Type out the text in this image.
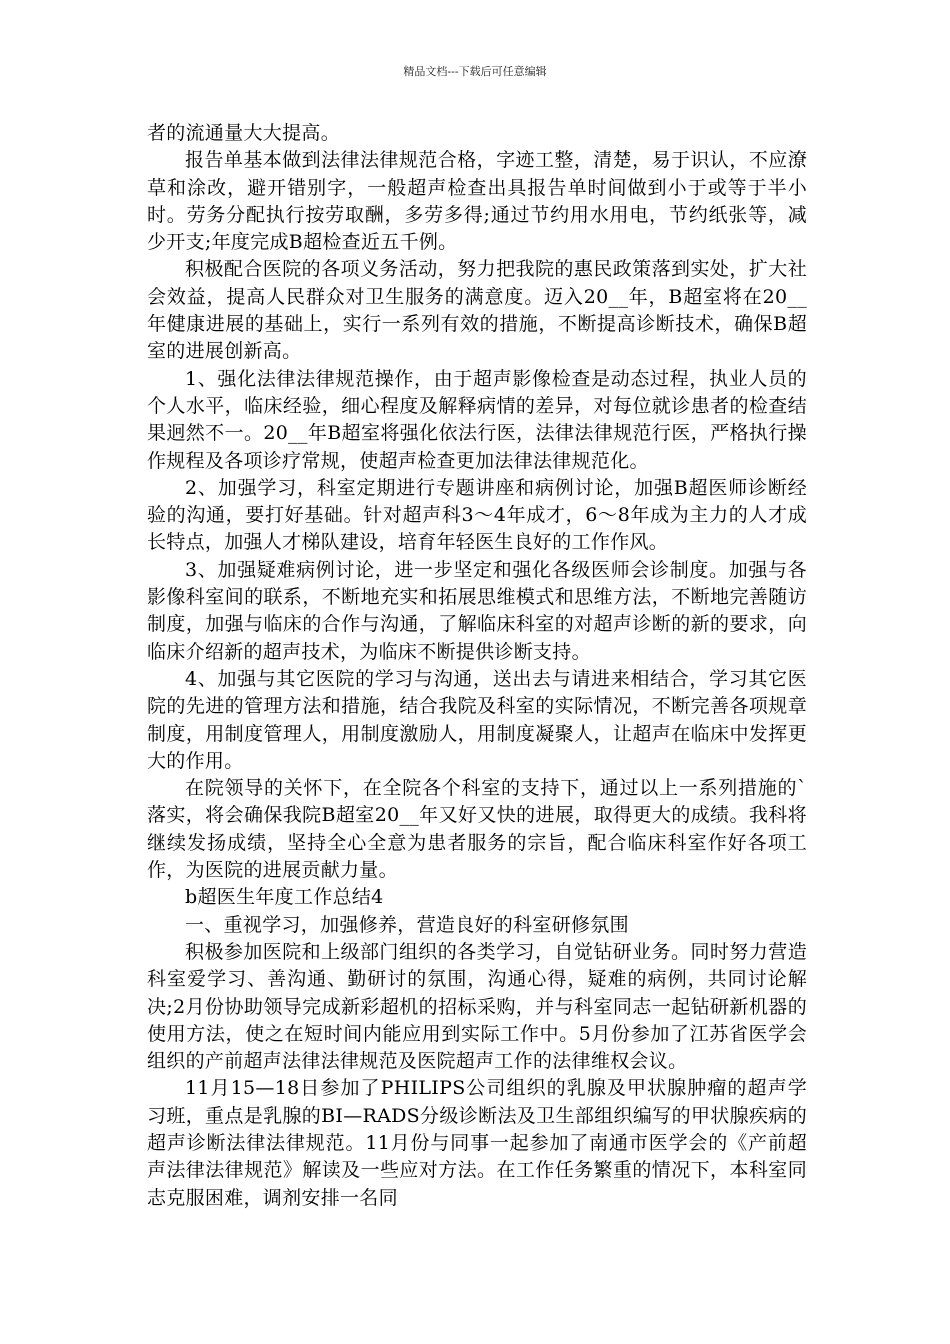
精品文档---下载后可任意编辑

者的流通量大大提高。

报告单基本做到法律法律规范合格，字迹工整，清楚，易于识认，不应潦草和涂改，避开错别字，一般超声检查出具报告单时间做到小于或等于半小时。劳务分配执行按劳取酬，多劳多得;通过节约用水用电，节约纸张等，减少开支;年度完成B超检查近五千例。

积极配合医院的各项义务活动，努力把我院的惠民政策落到实处，扩大社会效益，提高人民群众对卫生服务的满意度。迈入20__年，B超室将在20__年健康进展的基础上，实行一系列有效的措施，不断提高诊断技术，确保B超室的进展创新高。

1、强化法律法律规范操作，由于超声影像检查是动态过程，执业人员的个人水平，临床经验，细心程度及解释病情的差异，对每位就诊患者的检查结果迥然不一。20__年B超室将强化依法行医，法律法律规范行医，严格执行操作规程及各项诊疗常规，使超声检查更加法律法律规范化。

2、加强学习，科室定期进行专题讲座和病例讨论，加强B超医师诊断经验的沟通，要打好基础。针对超声科3～4年成才，6～8年成为主力的人才成长特点，加强人才梯队建设，培育年轻医生良好的工作作风。

3、加强疑难病例讨论，进一步坚定和强化各级医师会诊制度。加强与各影像科室间的联系，不断地充实和拓展思维模式和思维方法，不断地完善随访制度，加强与临床的合作与沟通，了解临床科室的对超声诊断的新的要求，向临床介绍新的超声技术，为临床不断提供诊断支持。

4、加强与其它医院的学习与沟通，送出去与请进来相结合，学习其它医院的先进的管理方法和措施，结合我院及科室的实际情况，不断完善各项规章制度，用制度管理人，用制度激励人，用制度凝聚人，让超声在临床中发挥更大的作用。

在院领导的关怀下，在全院各个科室的支持下，通过以上一系列措施的`落实，将会确保我院B超室20__年又好又快的进展，取得更大的成绩。我科将继续发扬成绩，坚持全心全意为患者服务的宗旨，配合临床科室作好各项工作，为医院的进展贡献力量。

b超医生年度工作总结4

一、重视学习，加强修养，营造良好的科室研修氛围

积极参加医院和上级部门组织的各类学习，自觉钻研业务。同时努力营造科室爱学习、善沟通、勤研讨的氛围，沟通心得，疑难的病例，共同讨论解决;2月份协助领导完成新彩超机的招标采购，并与科室同志一起钻研新机器的使用方法，使之在短时间内能应用到实际工作中。5月份参加了江苏省医学会组织的产前超声法律法律规范及医院超声工作的法律维权会议。

11月15—18日参加了PHILIPS公司组织的乳腺及甲状腺肿瘤的超声学习班，重点是乳腺的BI—RADS分级诊断法及卫生部组织编写的甲状腺疾病的超声诊断法律法律规范。11月份与同事一起参加了南通市医学会的《产前超声法律法律规范》解读及一些应对方法。在工作任务繁重的情况下，本科室同志克服困难，调剂安排一名同
